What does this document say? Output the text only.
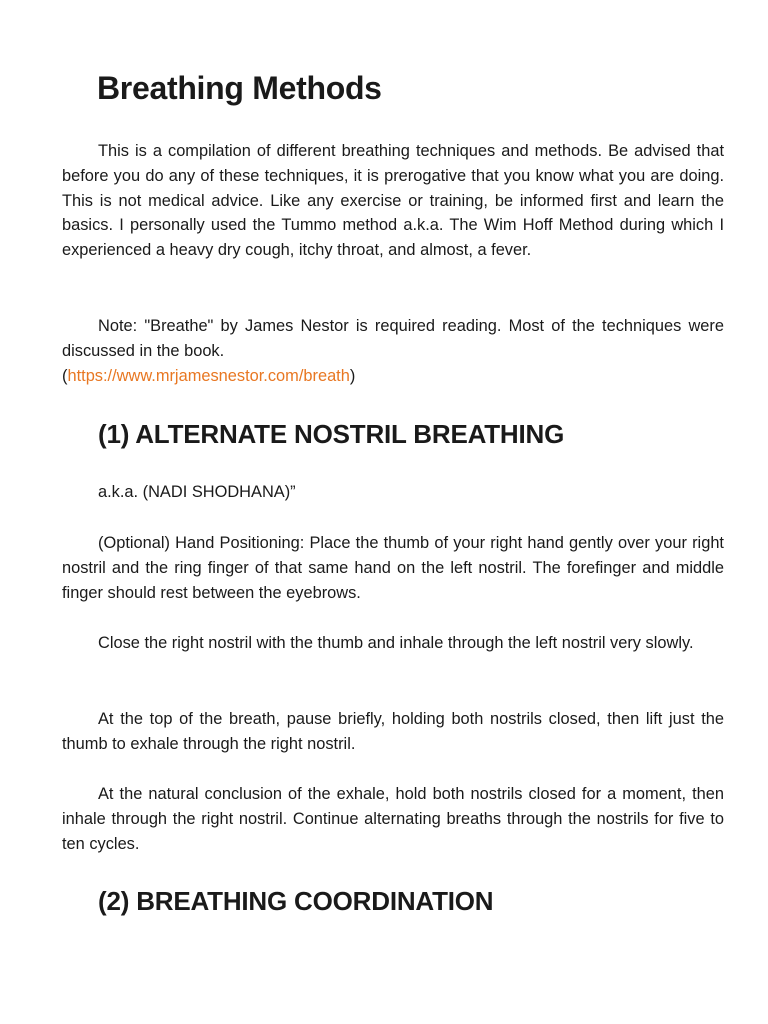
Breathing Methods

This is a compilation of different breathing techniques and methods. Be advised that before you do any of these techniques, it is prerogative that you know what you are doing. This is not medical advice. Like any exercise or training, be informed first and learn the basics. I personally used the Tummo method a.k.a. The Wim Hoff Method during which I experienced a heavy dry cough, itchy throat, and almost, a fever.

Note: "Breathe" by James Nestor is required reading. Most of the techniques were discussed in the book.
(https://www.mrjamesnestor.com/breath)

(1) ALTERNATE NOSTRIL BREATHING

a.k.a. (NADI SHODHANA)”

(Optional) Hand Positioning: Place the thumb of your right hand gently over your right nostril and the ring finger of that same hand on the left nostril. The forefinger and middle finger should rest between the eyebrows.

Close the right nostril with the thumb and inhale through the left nostril very slowly.

At the top of the breath, pause briefly, holding both nostrils closed, then lift just the thumb to exhale through the right nostril.

At the natural conclusion of the exhale, hold both nostrils closed for a moment, then inhale through the right nostril. Continue alternating breaths through the nostrils for five to ten cycles.

(2) BREATHING COORDINATION
